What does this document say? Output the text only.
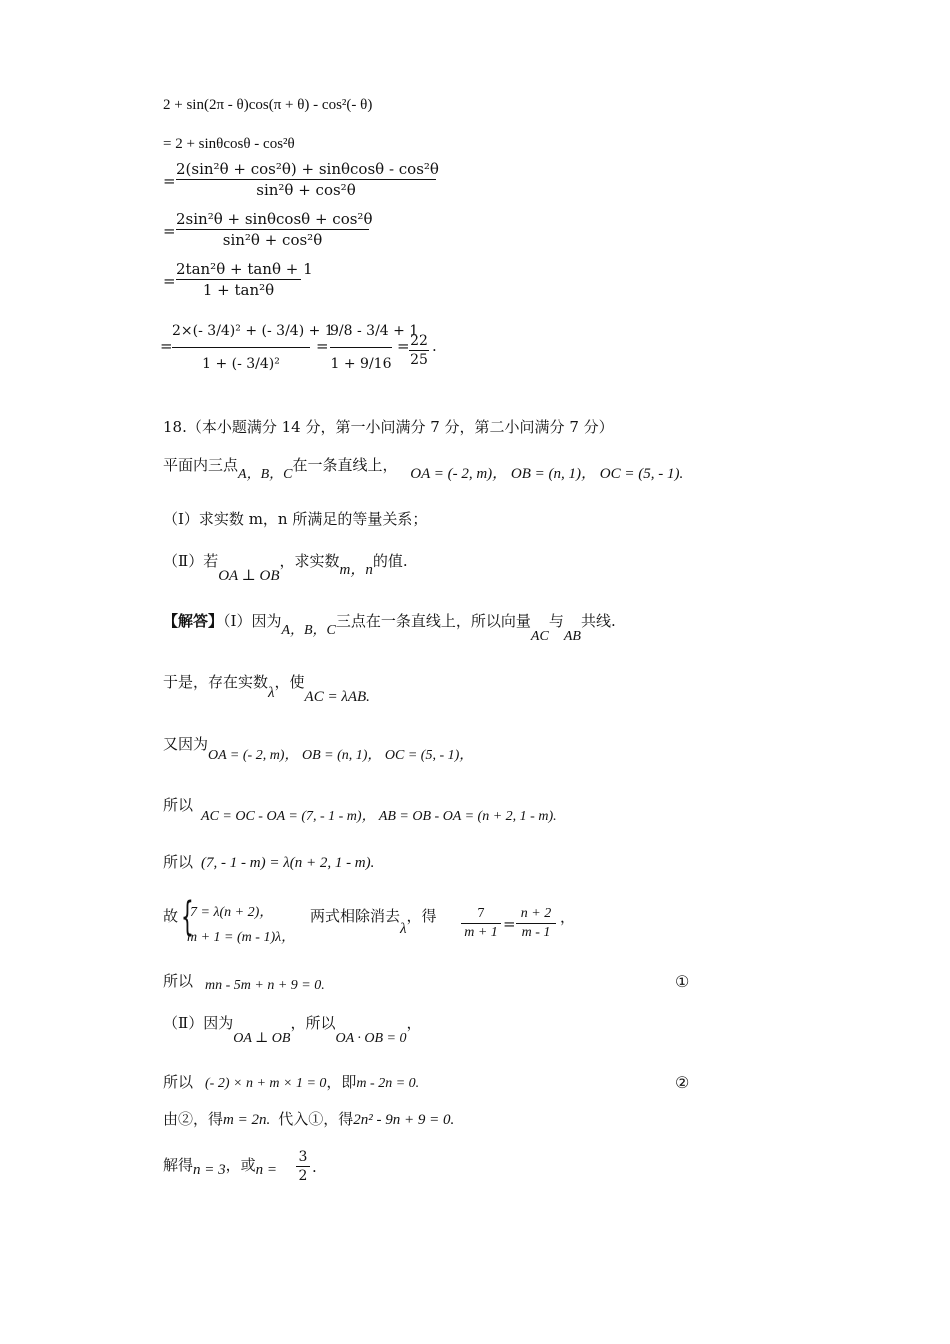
2 + sin(2π - θ)cos(π + θ) - cos²(- θ)
= 2 + sinθcosθ - cos²θ
=
2(sin²θ + cos²θ) + sinθcosθ - cos²θ
sin²θ + cos²θ
=
2sin²θ + sinθcosθ + cos²θ
sin²θ + cos²θ
=
2tan²θ + tanθ + 1
1 + tan²θ
=
2×(- 3/4)² + (- 3/4) + 1
1 + (- 3/4)²
=
9/8 - 3/4 + 1
1 + 9/16
= 22
25
.
18.（本小题满分 14 分，第一小问满分 7 分，第二小问满分 7 分）
平面内三点A，B，C在一条直线上， OA = (- 2, m)， OB = (n, 1)， OC = (5, - 1).
（Ⅰ）求实数 m，n 所满足的等量关系；
（Ⅱ）若OA ⊥ OB，求实数m，n的值.
【解答】（Ⅰ）因为A，B，C三点在一条直线上，所以向量AC与AB共线.
于是，存在实数λ，使AC = λAB.
又因为OA = (- 2, m)， OB = (n, 1)， OC = (5, - 1)，
所以AC = OC - OA = (7, - 1 - m)， AB = OB - OA = (n + 2, 1 - m).
所以 (7, - 1 - m) = λ(n + 2, 1 - m).
故 {
7 = λ(n + 2)，
m + 1 = (m - 1)λ，
两式相除消去λ，得	7
m + 1 =
n + 2
m - 1
，
所以 mn - 5m + n + 9 = 0.	①
（Ⅱ）因为OA ⊥ OB，所以OA · OB = 0，
所以 (- 2) × n + m × 1 = 0，即m - 2n = 0.	②
由②，得m = 2n. 代入①，得2n² - 9n + 9 = 0.
解得n = 3，或n =
3
2 .
